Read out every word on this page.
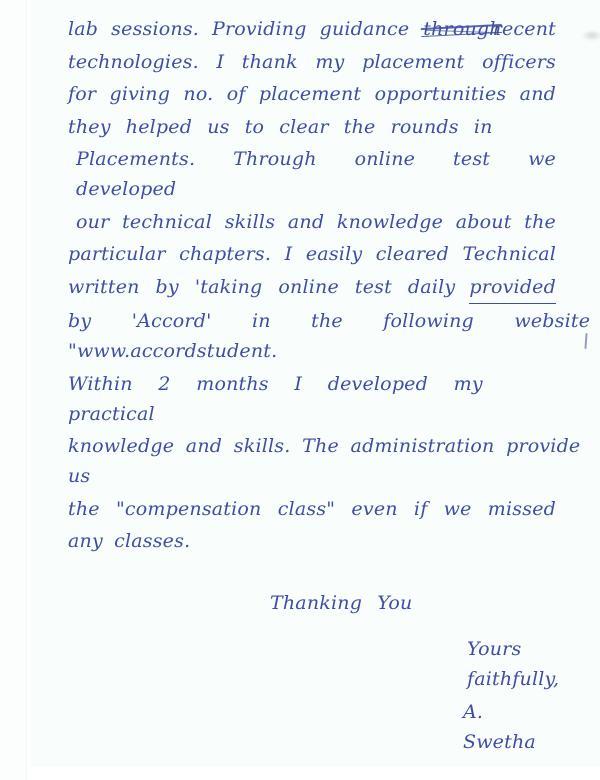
lab sessions. Providing guidance through
recent
technologies. I thank my placement officers
for giving no. of placement opportunities and
they helped us to clear the rounds in
Placements. Through online test we developed
our technical skills and knowledge about the
particular chapters. I easily cleared Technical
written by 'taking online test daily provided
by 'Accord' in the following website "www.accordstudent.
Within 2 months I developed my practical
knowledge and skills. The administration provide us
the "compensation class" even if we missed
any classes.
Thanking You
Yours faithfully,
A. Swetha
